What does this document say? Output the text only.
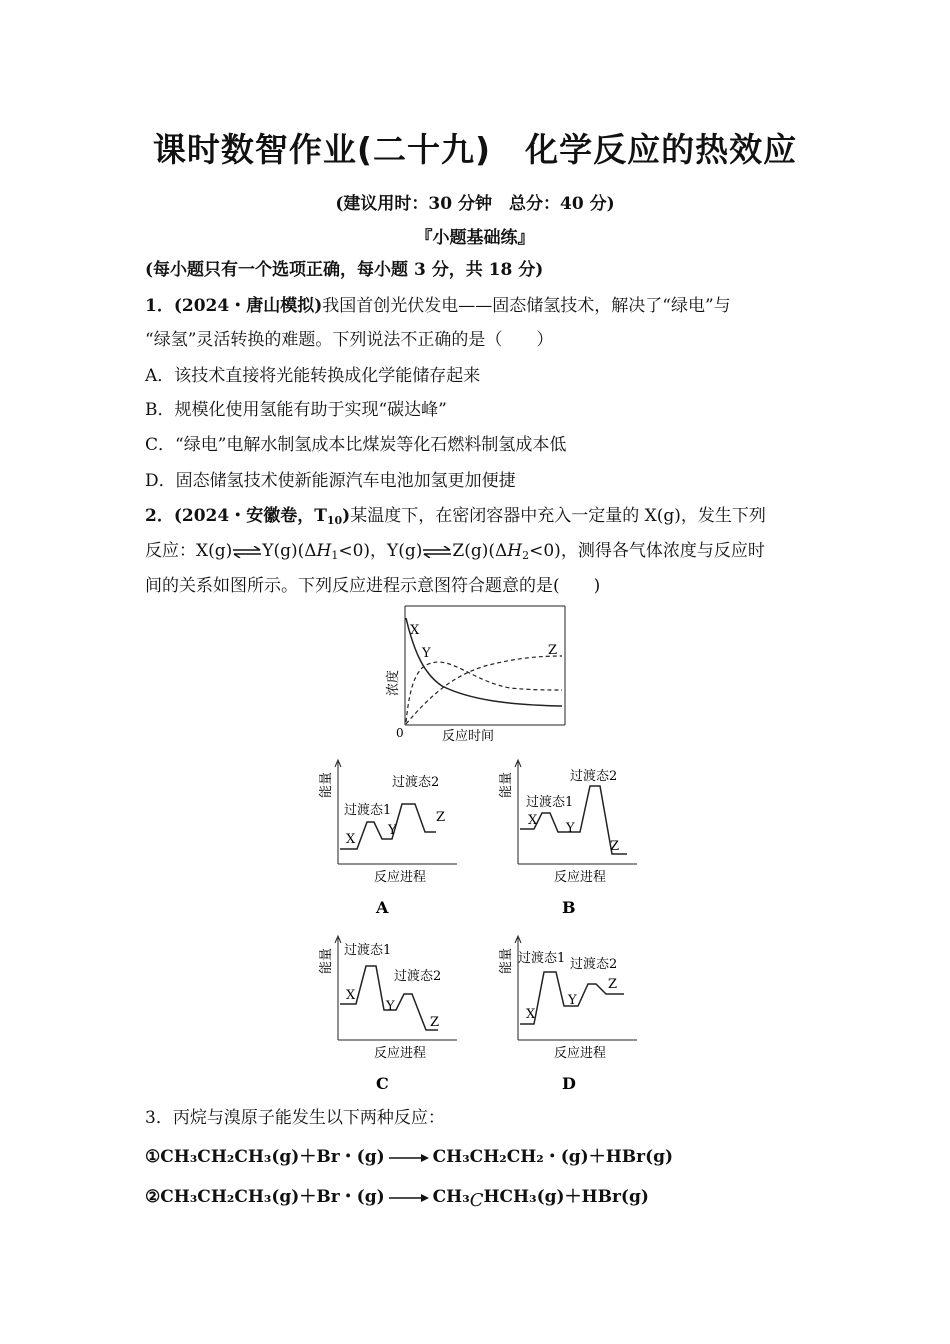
课时数智作业(二十九)　化学反应的热效应
(建议用时：30 分钟　总分：40 分)
『小题基础练』
(每小题只有一个选项正确，每小题 3 分，共 18 分)
1．(2024・唐山模拟)我国首创光伏发电——固态储氢技术，解决了“绿电”与
“绿氢”灵活转换的难题。下列说法不正确的是（　　）
A．该技术直接将光能转换成化学能储存起来
B．规模化使用氢能有助于实现“碳达峰”
C．“绿电”电解水制氢成本比煤炭等化石燃料制氢成本低
D．固态储氢技术使新能源汽车电池加氢更加便捷
2．(2024・安徽卷，$T_{10}$)某温度下，在密闭容器中充入一定量的 X(g)，发生下列
反应：$X(g)\rightleftharpoons Y(g)(\Delta H_1<0)$，$Y(g)\rightleftharpoons Z(g)(\Delta H_2<0)$，测得各气体浓度与反应时
间的关系如图所示。下列反应进程示意图符合题意的是(　　)
X
Y	Z
0	反应时间
浓度
能量
过渡态1
过渡态2
X
Y
Z
反应进程
A
能量
过渡态1
过渡态2
X
Y
Z
反应进程
B
能量 过渡态1
过渡态2
X
Y
Z
反应进程
C
能量 过渡态1 过渡态2
X
Y
Z
反应进程
D
3．丙烷与溴原子能发生以下两种反应：
①CH₃CH₂CH₃(g)＋Br・(g) → CH₃CH₂CH₂・(g)＋HBr(g)
②CH₃CH₂CH₃(g)＋Br・(g) → CH₃CHCH₃(g)＋HBr(g)
